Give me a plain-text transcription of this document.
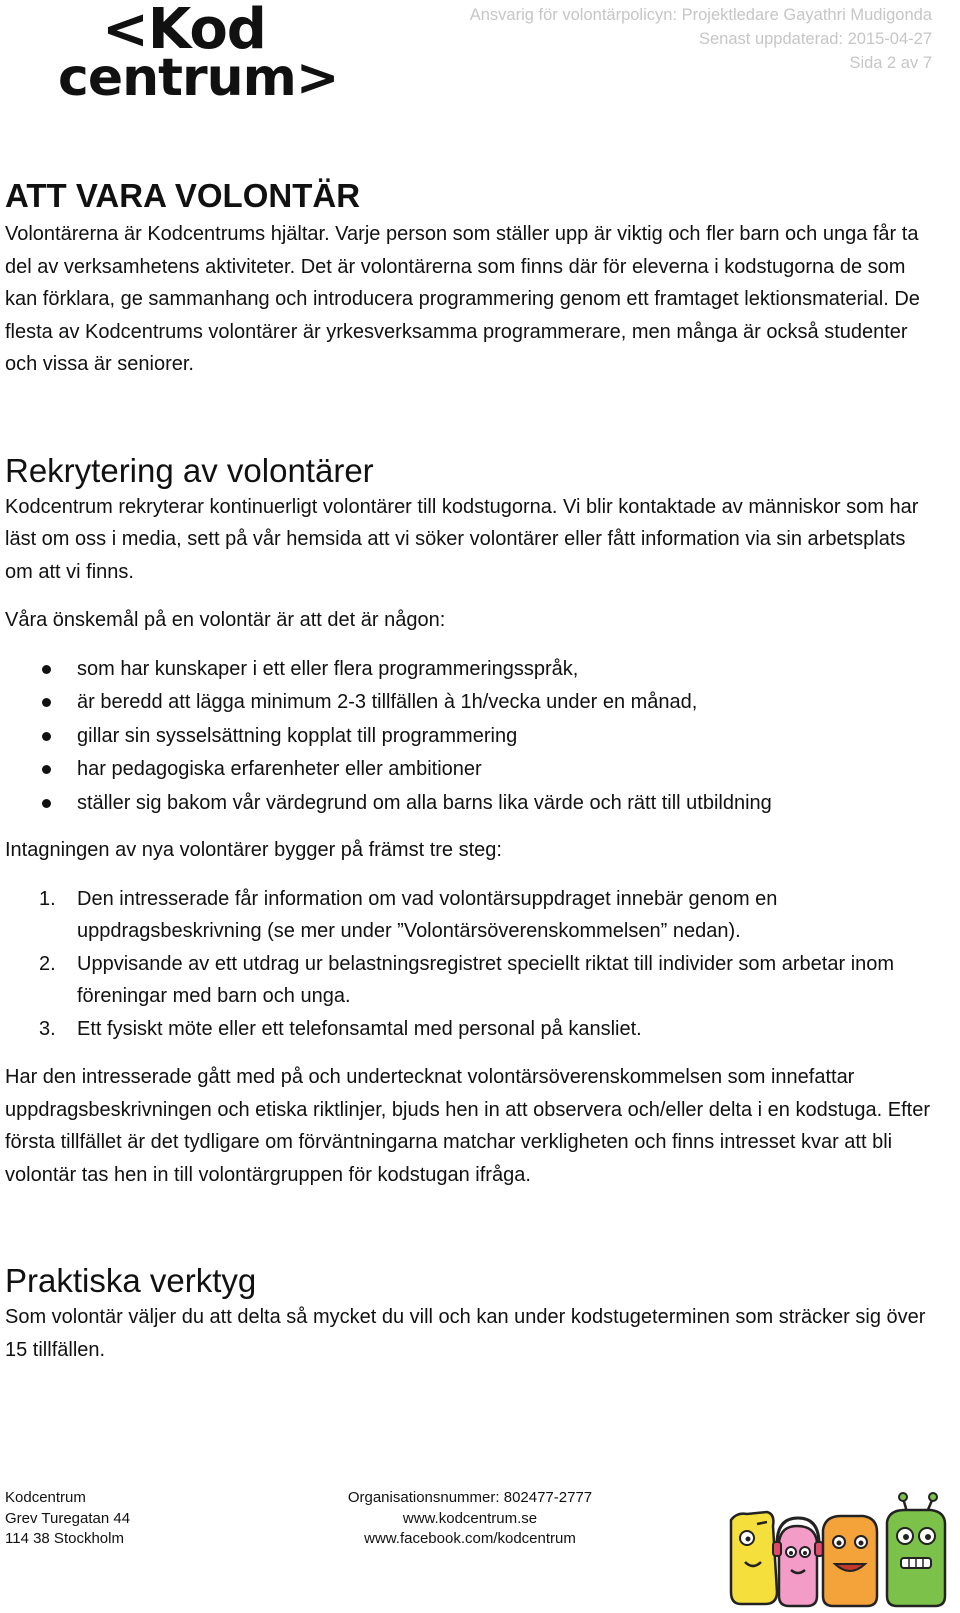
<Kod
centrum>
Ansvarig för volontärpolicyn: Projektledare Gayathri Mudigonda
Senast uppdaterad: 2015-04-27
Sida 2 av 7
ATT VARA VOLONTÄR

Volontärerna är Kodcentrums hjältar. Varje person som ställer upp är viktig och fler barn och unga får ta del av verksamhetens aktiviteter. Det är volontärerna som finns där för eleverna i kodstugorna de som kan förklara, ge sammanhang och introducera programmering genom ett framtaget lektionsmaterial. De flesta av Kodcentrums volontärer är yrkesverksamma programmerare, men många är också studenter och vissa är seniorer.

Rekrytering av volontärer

Kodcentrum rekryterar kontinuerligt volontärer till kodstugorna. Vi blir kontaktade av människor som har läst om oss i media, sett på vår hemsida att vi söker volontärer eller fått information via sin arbetsplats om att vi finns.

Våra önskemål på en volontär är att det är någon:

som har kunskaper i ett eller flera programmeringsspråk,
är beredd att lägga minimum 2-3 tillfällen à 1h/vecka under en månad,
gillar sin sysselsättning kopplat till programmering
har pedagogiska erfarenheter eller ambitioner
ställer sig bakom vår värdegrund om alla barns lika värde och rätt till utbildning

Intagningen av nya volontärer bygger på främst tre steg:

1. Den intresserade får information om vad volontärsuppdraget innebär genom en uppdragsbeskrivning (se mer under ”Volontärsöverenskommelsen” nedan).
2. Uppvisande av ett utdrag ur belastningsregistret speciellt riktat till individer som arbetar inom föreningar med barn och unga.
3. Ett fysiskt möte eller ett telefonsamtal med personal på kansliet.

Har den intresserade gått med på och undertecknat volontärsöverenskommelsen som innefattar uppdragsbeskrivningen och etiska riktlinjer, bjuds hen in att observera och/eller delta i en kodstuga. Efter första tillfället är det tydligare om förväntningarna matchar verkligheten och finns intresset kvar att bli volontär tas hen in till volontärgruppen för kodstugan ifråga.

Praktiska verktyg

Som volontär väljer du att delta så mycket du vill och kan under kodstugeterminen som sträcker sig över 15 tillfällen.

Kodcentrum
Grev Turegatan 44
114 38 Stockholm
Organisationsnummer: 802477-2777
www.kodcentrum.se
www.facebook.com/kodcentrum
